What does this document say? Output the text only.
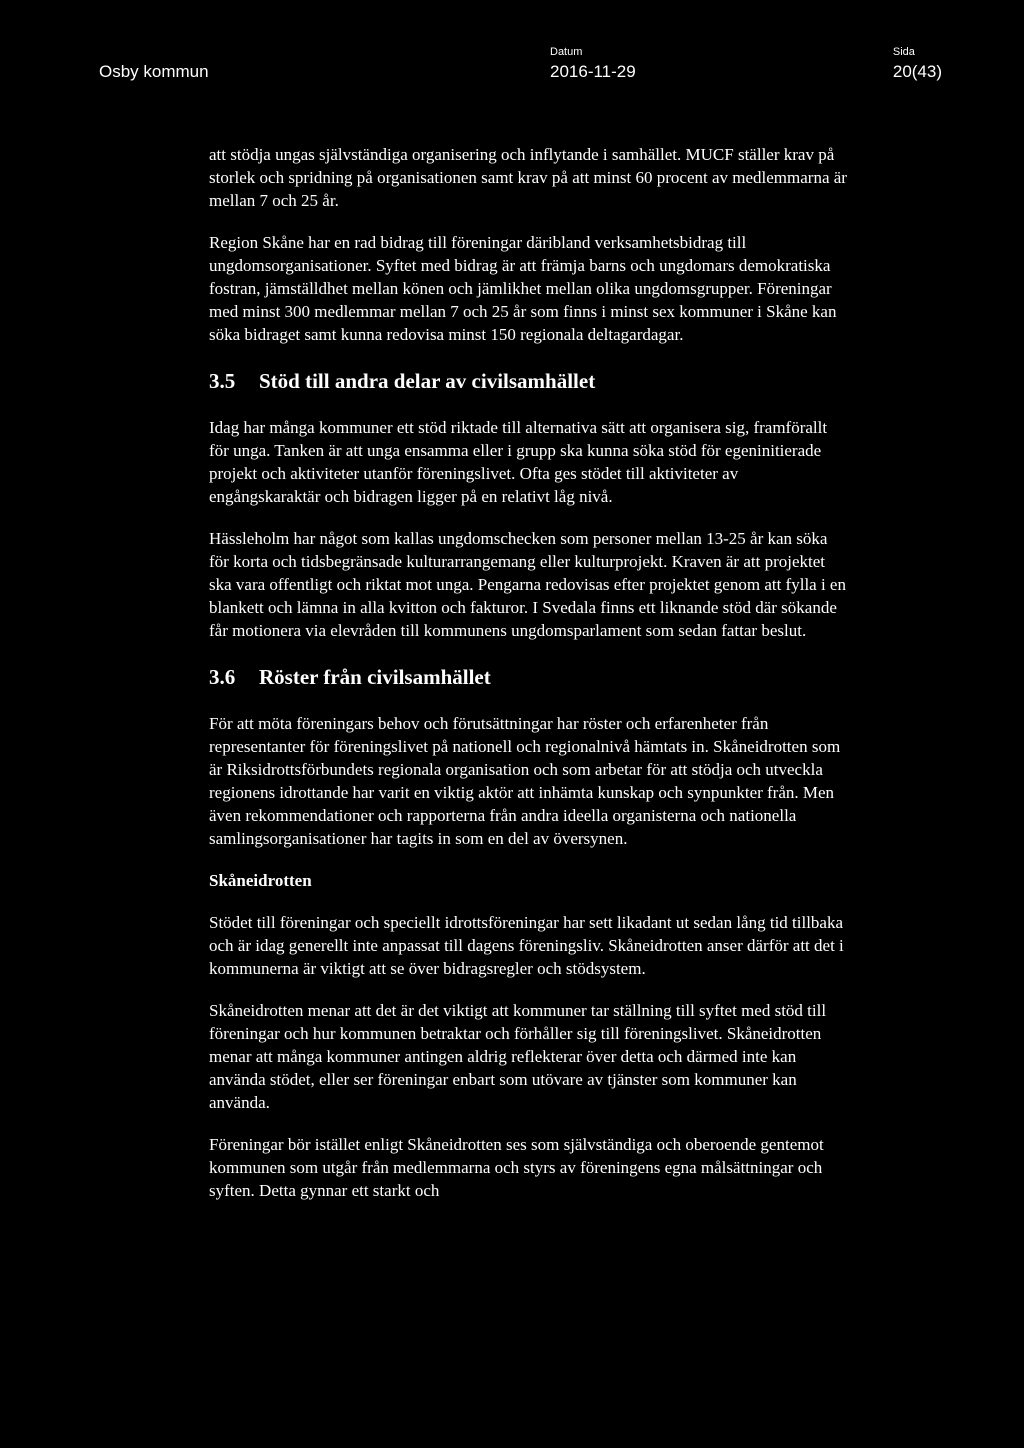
Osby kommun
Datum
2016-11-29
Sida
20(43)

att stödja ungas självständiga organisering och inflytande i samhället. MUCF ställer krav på storlek och spridning på organisationen samt krav på att minst 60 procent av medlemmarna är mellan 7 och 25 år.

Region Skåne har en rad bidrag till föreningar däribland verksamhetsbidrag till ungdomsorganisationer. Syftet med bidrag är att främja barns och ungdomars demokratiska fostran, jämställdhet mellan könen och jämlikhet mellan olika ungdomsgrupper. Föreningar med minst 300 medlemmar mellan 7 och 25 år som finns i minst sex kommuner i Skåne kan söka bidraget samt kunna redovisa minst 150 regionala deltagardagar.

3.5 Stöd till andra delar av civilsamhället

Idag har många kommuner ett stöd riktade till alternativa sätt att organisera sig, framförallt för unga. Tanken är att unga ensamma eller i grupp ska kunna söka stöd för egeninitierade projekt och aktiviteter utanför föreningslivet. Ofta ges stödet till aktiviteter av engångskaraktär och bidragen ligger på en relativt låg nivå.

Hässleholm har något som kallas ungdomschecken som personer mellan 13-25 år kan söka för korta och tidsbegränsade kulturarrangemang eller kulturprojekt. Kraven är att projektet ska vara offentligt och riktat mot unga. Pengarna redovisas efter projektet genom att fylla i en blankett och lämna in alla kvitton och fakturor. I Svedala finns ett liknande stöd där sökande får motionera via elevråden till kommunens ungdomsparlament som sedan fattar beslut.

3.6 Röster från civilsamhället

För att möta föreningars behov och förutsättningar har röster och erfarenheter från representanter för föreningslivet på nationell och regionalnivå hämtats in. Skåneidrotten som är Riksidrottsförbundets regionala organisation och som arbetar för att stödja och utveckla regionens idrottande har varit en viktig aktör att inhämta kunskap och synpunkter från. Men även rekommendationer och rapporterna från andra ideella organisterna och nationella samlingsorganisationer har tagits in som en del av översynen.

Skåneidrotten

Stödet till föreningar och speciellt idrottsföreningar har sett likadant ut sedan lång tid tillbaka och är idag generellt inte anpassat till dagens föreningsliv. Skåneidrotten anser därför att det i kommunerna är viktigt att se över bidragsregler och stödsystem.

Skåneidrotten menar att det är det viktigt att kommuner tar ställning till syftet med stöd till föreningar och hur kommunen betraktar och förhåller sig till föreningslivet. Skåneidrotten menar att många kommuner antingen aldrig reflekterar över detta och därmed inte kan använda stödet, eller ser föreningar enbart som utövare av tjänster som kommuner kan använda.

Föreningar bör istället enligt Skåneidrotten ses som självständiga och oberoende gentemot kommunen som utgår från medlemmarna och styrs av föreningens egna målsättningar och syften. Detta gynnar ett starkt och
